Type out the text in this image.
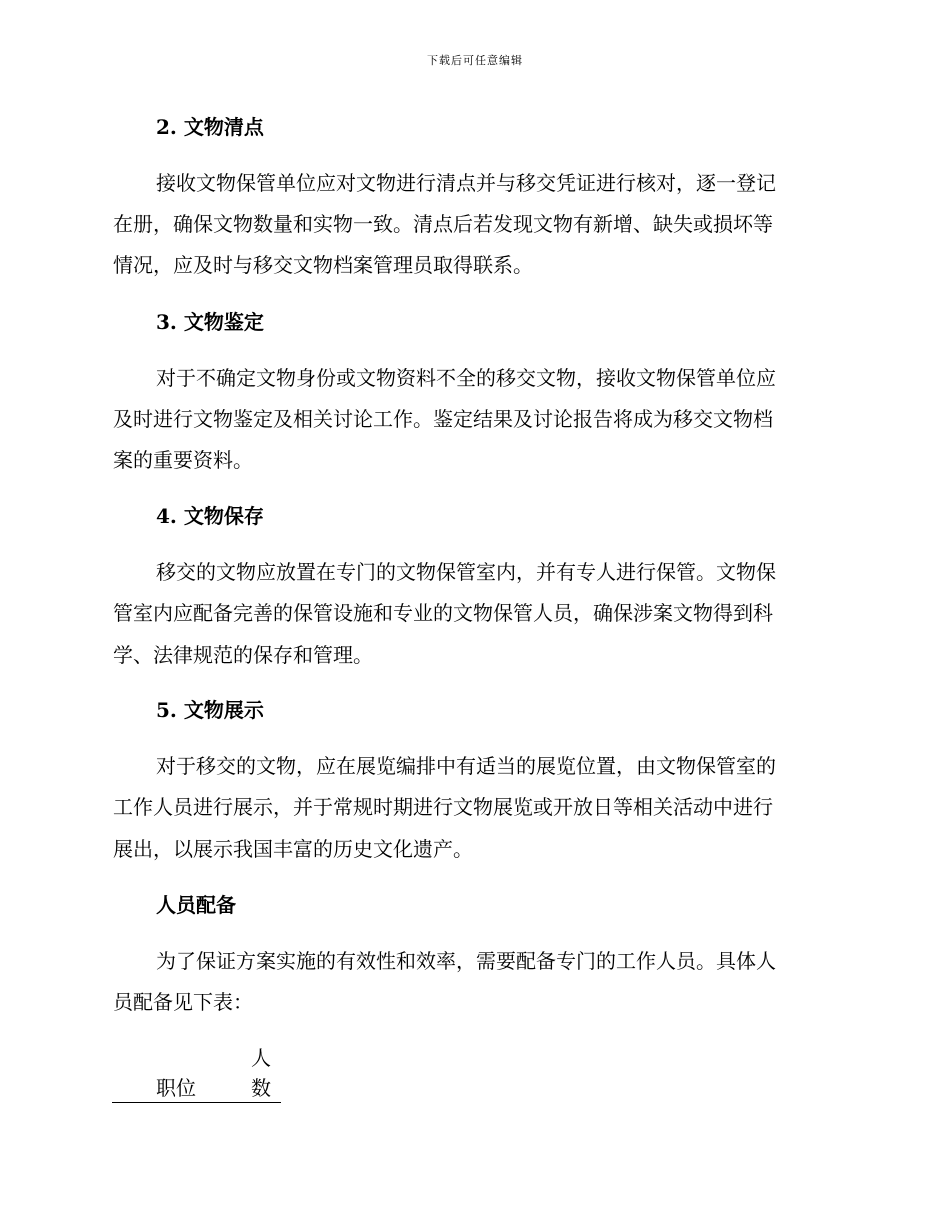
下载后可任意编辑
2. 文物清点
接收文物保管单位应对文物进行清点并与移交凭证进行核对，逐一登记
在册，确保文物数量和实物一致。清点后若发现文物有新增、缺失或损坏等
情况，应及时与移交文物档案管理员取得联系。
3. 文物鉴定
对于不确定文物身份或文物资料不全的移交文物，接收文物保管单位应
及时进行文物鉴定及相关讨论工作。鉴定结果及讨论报告将成为移交文物档
案的重要资料。
4. 文物保存
移交的文物应放置在专门的文物保管室内，并有专人进行保管。文物保
管室内应配备完善的保管设施和专业的文物保管人员，确保涉案文物得到科
学、法律规范的保存和管理。
5. 文物展示
对于移交的文物，应在展览编排中有适当的展览位置，由文物保管室的
工作人员进行展示，并于常规时期进行文物展览或开放日等相关活动中进行
展出，以展示我国丰富的历史文化遗产。
人员配备
为了保证方案实施的有效性和效率，需要配备专门的工作人员。具体人
员配备见下表：
人
职位	数
